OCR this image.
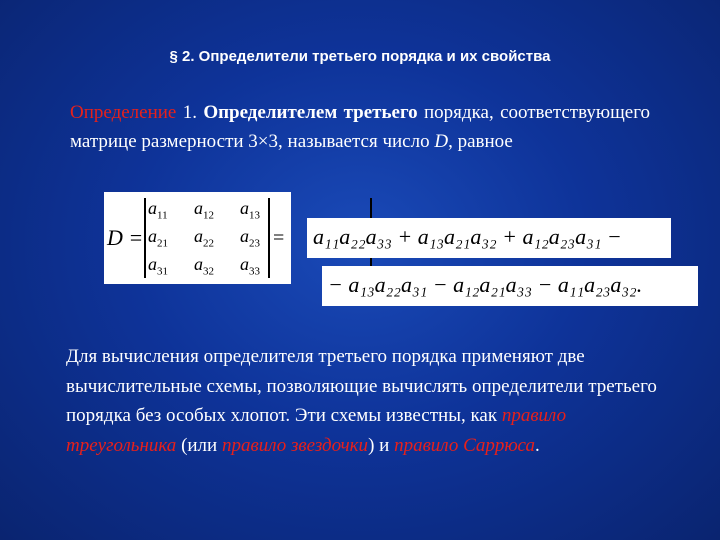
§ 2. Определители третьего порядка и их свойства
Определение 1. Определителем третьего порядка, соответствующего матрице размерности 3×3, называется число D, равное
D =
$a_{11}$ $a_{12}$ $a_{13}$
$a_{21}$ $a_{22}$ $a_{23}$
$a_{31}$ $a_{32}$ $a_{33}$
= a₁₁a₂₂a₃₃ + a₁₃a₂₁a₃₂ + a₁₂a₂₃a₃₁ −
− a₁₃a₂₂a₃₁ − a₁₂a₂₁a₃₃ − a₁₁a₂₃a₃₂.
Для вычисления определителя третьего порядка применяют две вычислительные схемы, позволяющие вычислять определители третьего порядка без особых хлопот. Эти схемы известны, как правило треугольника (или правило звездочки) и правило Саррюса.
